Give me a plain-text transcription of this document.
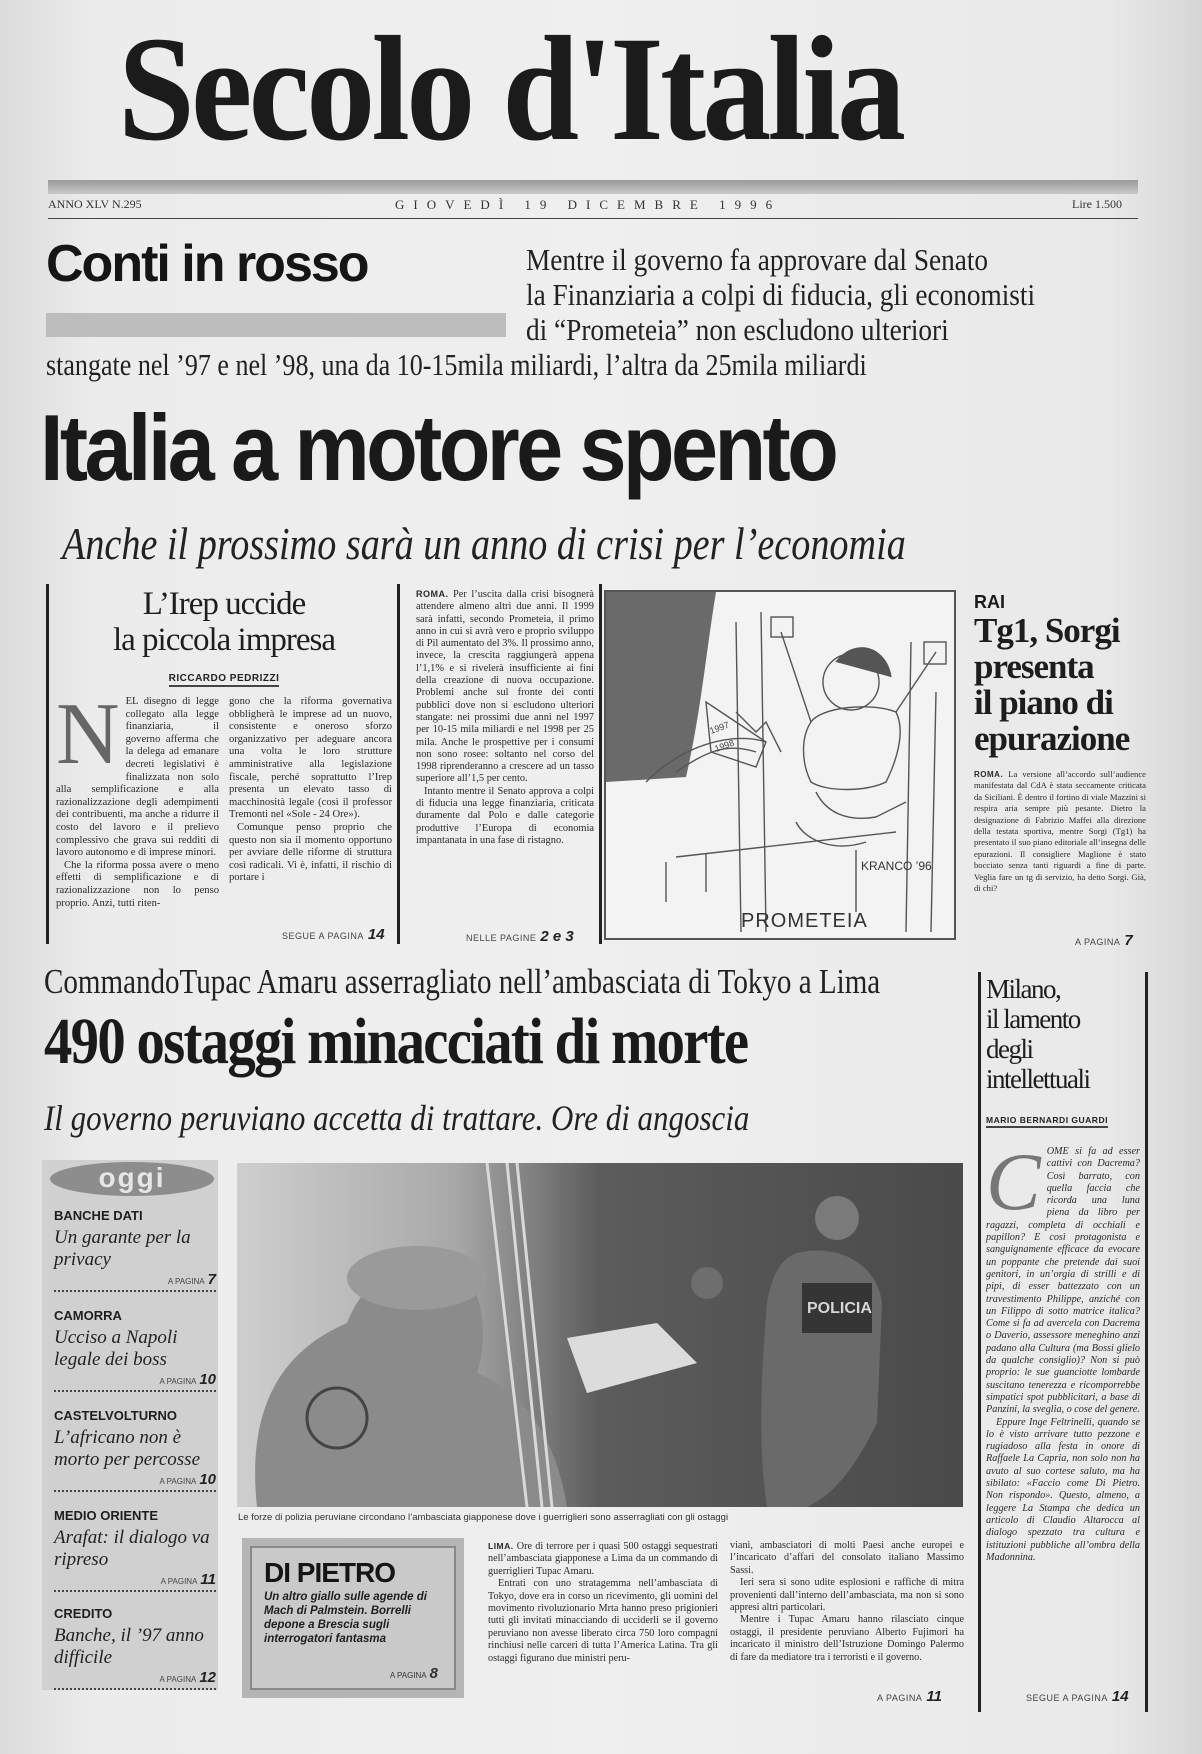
Secolo d'Italia
ANNO XLV N.295	GIOVEDÌ 19 DICEMBRE 1996	Lire 1.500
Conti in rosso	Mentre il governo fa approvare dal Senato
la Finanziaria a colpi di fiducia, gli economisti
di “Prometeia” non escludono ulteriori
stangate nel ’97 e nel ’98, una da 10-15mila miliardi, l’altra da 25mila miliardi
Italia a motore spento
Anche il prossimo sarà un anno di crisi per l’economia
L’Irep uccide
la piccola impresa
RICCARDO PEDRIZZI
N EL disegno di legge collegato alla legge finanziaria, il governo afferma che la delega ad emanare decreti legislativi è finalizzata non solo alla semplificazione e alla razionalizzazione degli adempimenti dei contribuenti, ma anche a ridurre il costo del lavoro e il prelievo complessivo che grava sui redditi di lavoro autonomo e di imprese minori.
Che la riforma possa avere o meno effetti di semplificazione e di razionalizzazione non lo penso proprio. Anzi, tutti riten-
gono che la riforma governativa obbligherà le imprese ad un nuovo, consistente e oneroso sforzo organizzativo per adeguare ancora una volta le loro strutture amministrative alla legislazione fiscale, perché soprattutto l’Irep presenta un elevato tasso di macchinosità legale (così il professor Tremonti nel «Sole - 24 Ore»).
Comunque penso proprio che questo non sia il momento opportuno per avviare delle riforme di struttura così radicali. Vi è, infatti, il rischio di portare i
SEGUE A PAGINA 14
ROMA. Per l’uscita dalla crisi bisognerà attendere almeno altri due anni. Il 1999 sarà infatti, secondo Prometeia, il primo anno in cui si avrà vero e proprio sviluppo di Pil aumentato del 3%. Il prossimo anno, invece, la crescita raggiungerà appena l’1,1% e si rivelerà insufficiente ai fini della creazione di nuova occupazione. Problemi anche sul fronte dei conti pubblici dove non si escludono ulteriori stangate: nei prossimi due anni nel 1997 per 10-15 mila miliardi e nel 1998 per 25 mila. Anche le prospettive per i consumi non sono rosee: soltanto nel corso del 1998 riprenderanno a crescere ad un tasso superiore all’1,5 per cento.
Intanto mentre il Senato approva a colpi di fiducia una legge finanziaria, criticata duramente dal Polo e dalle categorie produttive l’Europa di economia impantanata in una fase di ristagno.
NELLE PAGINE 2 e 3
1997
1998
KRANCO ’96
PROMETEIA
RAI
Tg1, Sorgi
presenta
il piano di
epurazione
ROMA. La versione all’accordo sull’audience manifestata dal CdA è stata seccamente criticata da Siciliani. È dentro il fortino di viale Mazzini si respira aria sempre più pesante. Dietro la designazione di Fabrizio Maffei alla direzione della testata sportiva, mentre Sorgi (Tg1) ha presentato il suo piano editoriale all’insegna delle epurazioni. Il consigliere Maglione è stato bocciato senza tanti riguardi a fine di parte. Veglia fare un tg di servizio, ha detto Sorgi. Già, di chi?
A PAGINA 7
CommandoTupac Amaru asserragliato nell’ambasciata di Tokyo a Lima
490 ostaggi minacciati di morte
Il governo peruviano accetta di trattare. Ore di angoscia
Milano,
il lamento
degli intellettuali
MARIO BERNARDI GUARDI
C OME si fa ad esser cattivi con Dacrema? Così barrato, con quella faccia che ricorda una luna piena da libro per ragazzi, completa di occhiali e papillon? E così protagonista e sanguignamente efficace da evocare un poppante che pretende dai suoi genitori, in un’orgia di strilli e di pipì, di esser battezzato con un travestimento Philippe, anziché con un Filippo di sotto matrice italica? Come si fa ad avercela con Dacrema o Daverio, assessore meneghino anzi padano alla Cultura (ma Bossi glielo da qualche consiglio)? Non si può proprio: le sue guanciotte lombarde suscitano tenerezza e ricomporrebbe simpatici spot pubblicitari, a base di Panzini, la sveglia, o cose del genere.
Eppure Inge Feltrinelli, quando se lo è visto arrivare tutto pezzone e rugiadoso alla festa in onore di Raffaele La Capria, non solo non ha avuto al suo cortese saluto, ma ha sibilato: «Faccio come Di Pietro. Non rispondo». Questo, almeno, a leggere La Stampa che dedica un articolo di Claudio Altarocca al dialogo spezzato tra cultura e istituzioni pubbliche all’ombra della Madonnina.
SEGUE A PAGINA 14
oggi
BANCHE DATI
Un garante per la privacy
A PAGINA 7
CAMORRA
Ucciso a Napoli legale dei boss
A PAGINA 10
CASTELVOLTURNO
L’africano non è morto per percosse
A PAGINA 10
MEDIO ORIENTE
Arafat: il dialogo va ripreso
A PAGINA 11
CREDITO
Banche, il ’97 anno difficile
A PAGINA 12
POLICIA
Le forze di polizia peruviane circondano l’ambasciata giapponese dove i guerriglieri sono asserragliati con gli ostaggi
DI PIETRO
Un altro giallo sulle agende di Mach di Palmstein. Borrelli depone a Brescia sugli interrogatori fantasma
A PAGINA 8
LIMA. Ore di terrore per i quasi 500 ostaggi sequestrati nell’ambasciata giapponese a Lima da un commando di guerriglieri Tupac Amaru.
Entrati con uno stratagemma nell’ambasciata di Tokyo, dove era in corso un ricevimento, gli uomini del movimento rivoluzionario Mrta hanno preso prigionieri tutti gli invitati minacciando di ucciderli se il governo peruviano non avesse liberato circa 750 loro compagni rinchiusi nelle carceri di tutta l’America Latina. Tra gli ostaggi figurano due ministri peru-
viani, ambasciatori di molti Paesi anche europei e l’incaricato d’affari del consolato italiano Massimo Sassi.
Ieri sera si sono udite esplosioni e raffiche di mitra provenienti dall’interno dell’ambasciata, ma non si sono appresi altri particolari.
Mentre i Tupac Amaru hanno rilasciato cinque ostaggi, il presidente peruviano Alberto Fujimori ha incaricato il ministro dell’Istruzione Domingo Palermo di fare da mediatore tra i terroristi e il governo.
A PAGINA 11
